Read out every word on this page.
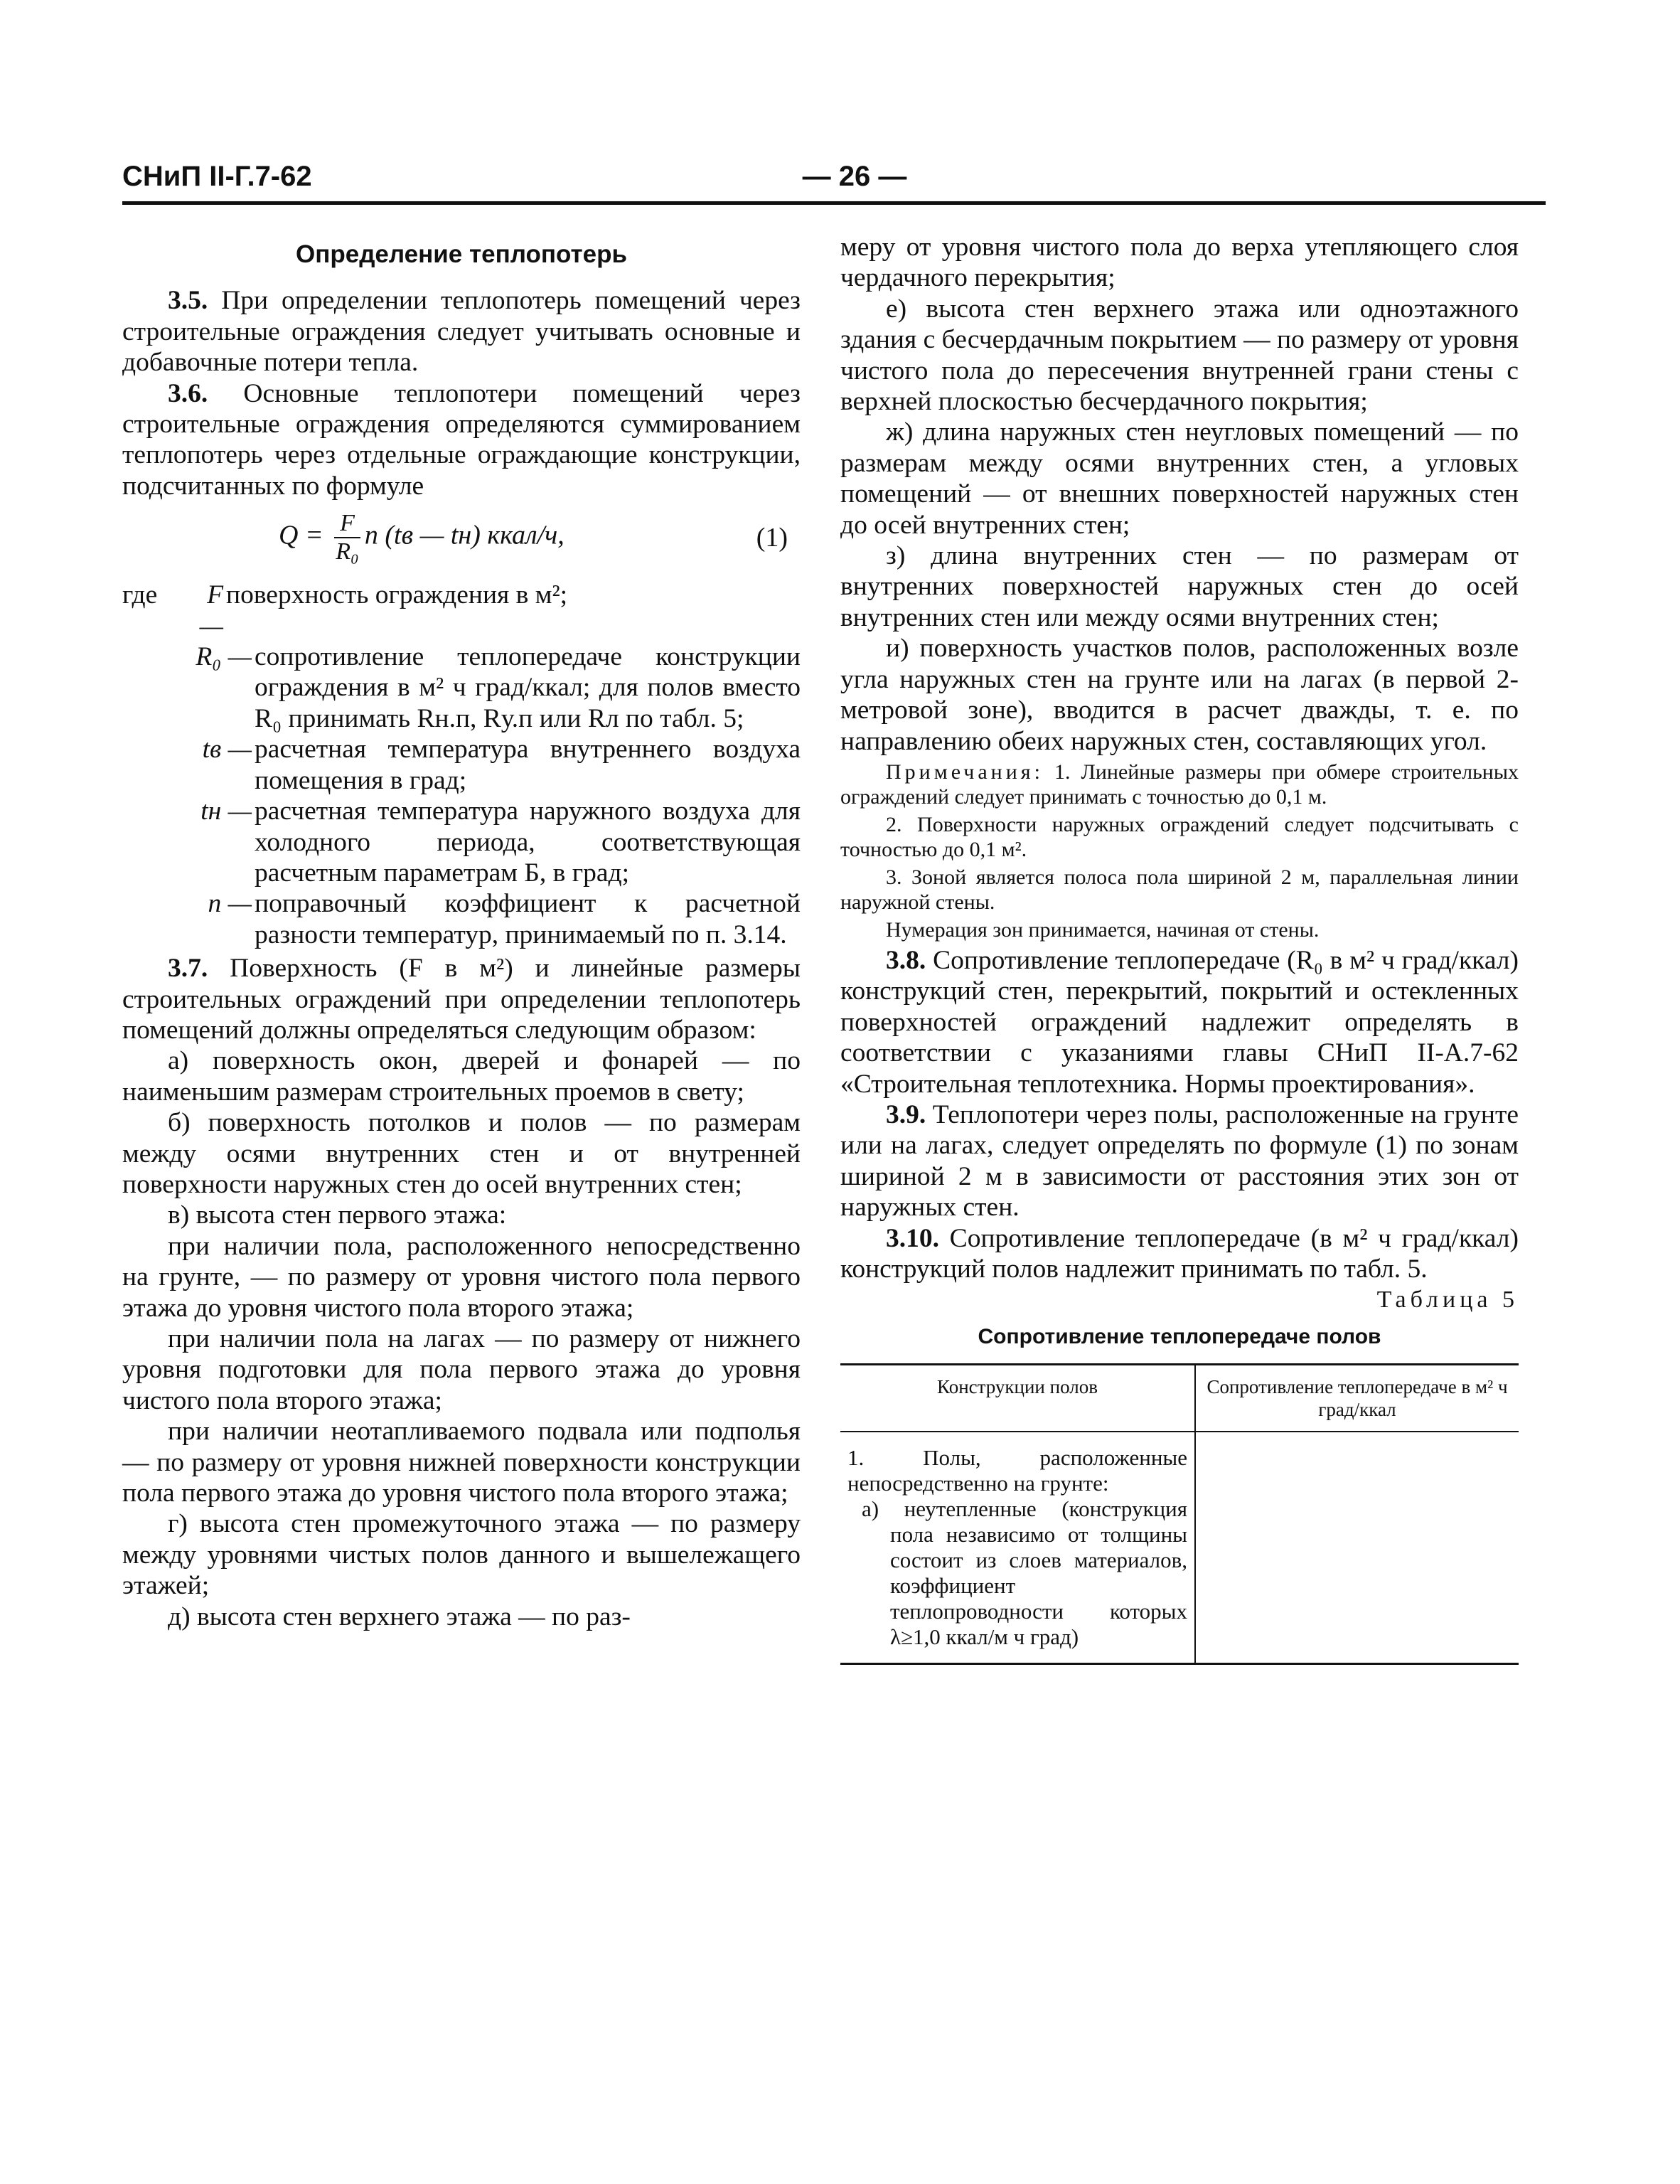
СНиП II-Г.7-62	— 26 —

Определение теплопотерь

3.5. При определении теплопотерь помещений через строительные ограждения следует учитывать основные и добавочные потери тепла.

3.6. Основные теплопотери помещений через строительные ограждения определяются суммированием теплопотерь через отдельные ограждающие конструкции, подсчитанных по формуле

$Q = \frac{F}{\text{R₀}}$ n (tв — tн) ккал/ч,	(1)
где	F —
поверхность ограждения в м²;
R₀ — сопротивление теплопередаче конструкции ограждения в м² ч град/ккал; для полов вместо R₀ принимать Rн.п, Rу.п или Rл по табл. 5;
tв — расчетная температура внутреннего воздуха помещения в град;
tн — расчетная температура наружного воздуха для холодного периода, соответствующая расчетным параметрам Б, в град;
n — поправочный коэффициент к расчетной разности температур, принимаемый по п. 3.14.

3.7. Поверхность (F в м²) и линейные размеры строительных ограждений при определении теплопотерь помещений должны определяться следующим образом:

а) поверхность окон, дверей и фонарей — по наименьшим размерам строительных проемов в свету;

б) поверхность потолков и полов — по размерам между осями внутренних стен и от внутренней поверхности наружных стен до осей внутренних стен;

в) высота стен первого этажа:

при наличии пола, расположенного непосредственно на грунте, — по размеру от уровня чистого пола первого этажа до уровня чистого пола второго этажа;

при наличии пола на лагах — по размеру от нижнего уровня подготовки для пола первого этажа до уровня чистого пола второго этажа;

при наличии неотапливаемого подвала или подполья — по размеру от уровня нижней поверхности конструкции пола первого этажа до уровня чистого пола второго этажа;

г) высота стен промежуточного этажа — по размеру между уровнями чистых полов данного и вышележащего этажей;

д) высота стен верхнего этажа — по раз-

меру от уровня чистого пола до верха утепляющего слоя чердачного перекрытия;

е) высота стен верхнего этажа или одноэтажного здания с бесчердачным покрытием — по размеру от уровня чистого пола до пересечения внутренней грани стены с верхней плоскостью бесчердачного покрытия;

ж) длина наружных стен неугловых помещений — по размерам между осями внутренних стен, а угловых помещений — от внешних поверхностей наружных стен до осей внутренних стен;

з) длина внутренних стен — по размерам от внутренних поверхностей наружных стен до осей внутренних стен или между осями внутренних стен;

и) поверхность участков полов, расположенных возле угла наружных стен на грунте или на лагах (в первой 2-метровой зоне), вводится в расчет дважды, т. е. по направлению обеих наружных стен, составляющих угол.

Примечания: 1. Линейные размеры при обмере строительных ограждений следует принимать с точностью до 0,1 м.

2. Поверхности наружных ограждений следует подсчитывать с точностью до 0,1 м².

3. Зоной является полоса пола шириной 2 м, параллельная линии наружной стены.

Нумерация зон принимается, начиная от стены.

3.8. Сопротивление теплопередаче (R₀ в м² ч град/ккал) конструкций стен, перекрытий, покрытий и остекленных поверхностей ограждений надлежит определять в соответствии с указаниями главы СНиП II-А.7-62 «Строительная теплотехника. Нормы проектирования».

3.9. Теплопотери через полы, расположенные на грунте или на лагах, следует определять по формуле (1) по зонам шириной 2 м в зависимости от расстояния этих зон от наружных стен.

3.10. Сопротивление теплопередаче (в м² ч град/ккал) конструкций полов надлежит принимать по табл. 5.

Таблица 5

Сопротивление теплопередаче полов

Конструкции полов	Сопротивление теплопередаче в м² ч град/ккал
1. Полы, расположенные непосредственно на грунте:
а) неутепленные (конструкция пола независимо от толщины состоит из слоев материалов, коэффициент теплопроводности которых λ≥1,0 ккал/м ч град)
